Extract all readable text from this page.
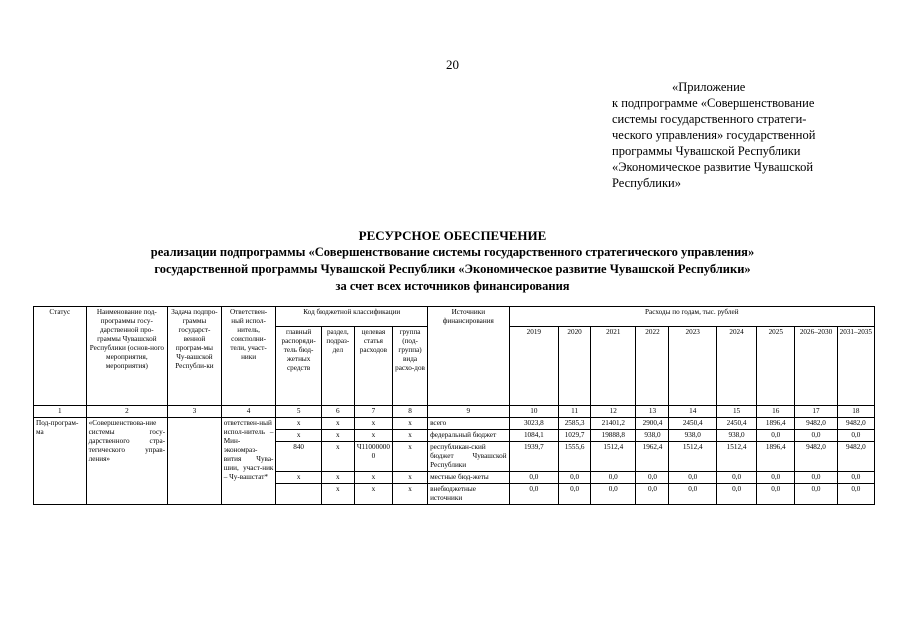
20
«Приложение
к подпрограмме «Совершенствование
системы государственного стратеги-
ческого управления» государственной
программы Чувашской Республики
«Экономическое развитие Чувашской
Республики»
РЕСУРСНОЕ ОБЕСПЕЧЕНИЕ
реализации подпрограммы «Совершенствование системы государственного стратегического управления»
государственной программы Чувашской Республики «Экономическое развитие Чувашской Республики»
за счет всех источников финансирования
Статус	Наименование под-программы госу-дарственной про-граммы Чувашской Республики (основ-ного мероприятия, мероприятия)	Задача подпро-граммы государст-венной програм-мы Чу-вашской Республи-ки	Ответствен-ный испол-нитель, соисполни-тели, участ-ники	Код бюджетной классификации				Источники финансирования	Расходы по годам, тыс. рублей								
				главный распоряди-тель бюд-жетных средств	раздел, подраз-дел	целевая статья расходов	группа (под-группа) вида расхо-дов		2019	2020	2021	2022	2023	2024	2025	2026–2030	2031–2035
1	2	3	4	5	6	7	8	9	10	11	12	13	14	15	16	17	18
Под-програм-ма	«Совершенствова-ние системы госу-дарственного стра-тегического управ-ления»		ответствен-ный испол-нитель – Мин-экономраз-вития Чува-шии, участ-ник – Чу-вашстат*	x	x	x	x	всего	3023,8	2585,3	21401,2	2900,4	2450,4	2450,4	1896,4	9482,0	9482,0
				x	x	x	x	федеральный бюджет	1084,1	1029,7	19888,8	938,0	938,0	938,0	0,0	0,0	0,0
				840	x	Ч110000000	x	республикан-ский бюджет Чувашской Республики	1939,7	1555,6	1512,4	1962,4	1512,4	1512,4	1896,4	9482,0	9482,0
				x	x	x	x	местные бюд-жеты	0,0	0,0	0,0	0,0	0,0	0,0	0,0	0,0	0,0
					x	x	x	внебюджетные источники	0,0	0,0	0,0	0,0	0,0	0,0	0,0	0,0	0,0
